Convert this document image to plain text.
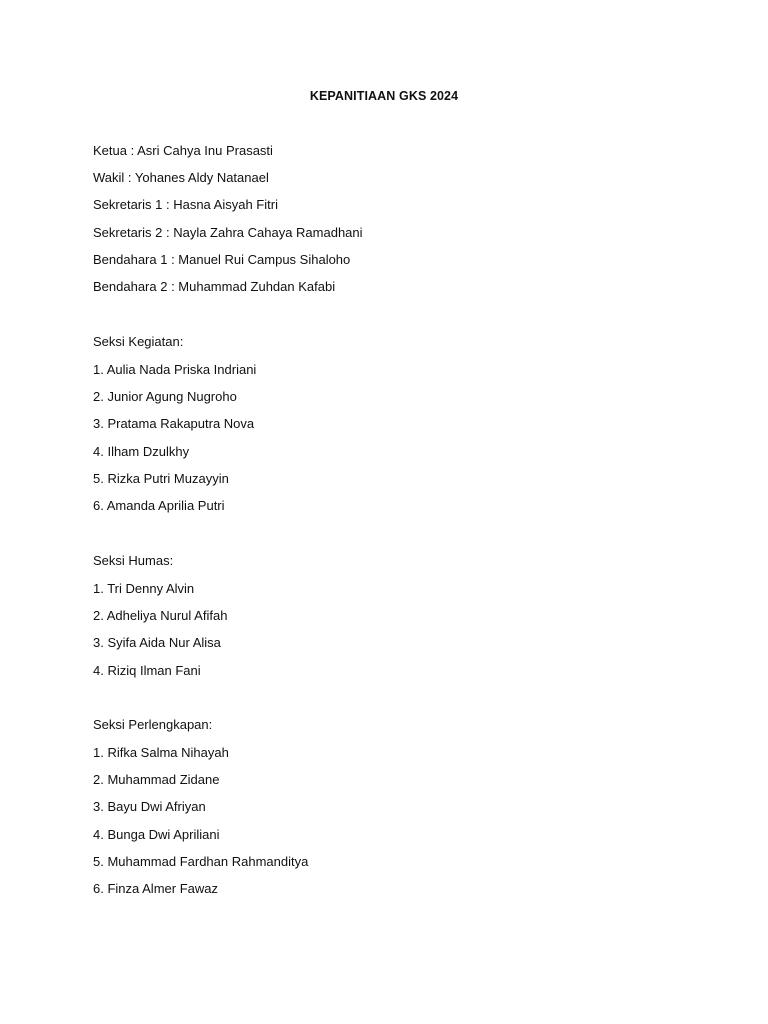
KEPANITIAAN GKS 2024
Ketua : Asri Cahya Inu Prasasti
Wakil : Yohanes Aldy Natanael
Sekretaris 1 : Hasna Aisyah Fitri
Sekretaris 2 : Nayla Zahra Cahaya Ramadhani
Bendahara 1 : Manuel Rui Campus Sihaloho
Bendahara 2 : Muhammad Zuhdan Kafabi
Seksi Kegiatan:
1. Aulia Nada Priska Indriani
2. Junior Agung Nugroho
3. Pratama Rakaputra Nova
4. Ilham Dzulkhy
5. Rizka Putri Muzayyin
6. Amanda Aprilia Putri
Seksi Humas:
1. Tri Denny Alvin
2. Adheliya Nurul Afifah
3. Syifa Aida Nur Alisa
4. Riziq Ilman Fani
Seksi Perlengkapan:
1. Rifka Salma Nihayah
2. Muhammad Zidane
3. Bayu Dwi Afriyan
4. Bunga Dwi Apriliani
5. Muhammad Fardhan Rahmanditya
6. Finza Almer Fawaz
